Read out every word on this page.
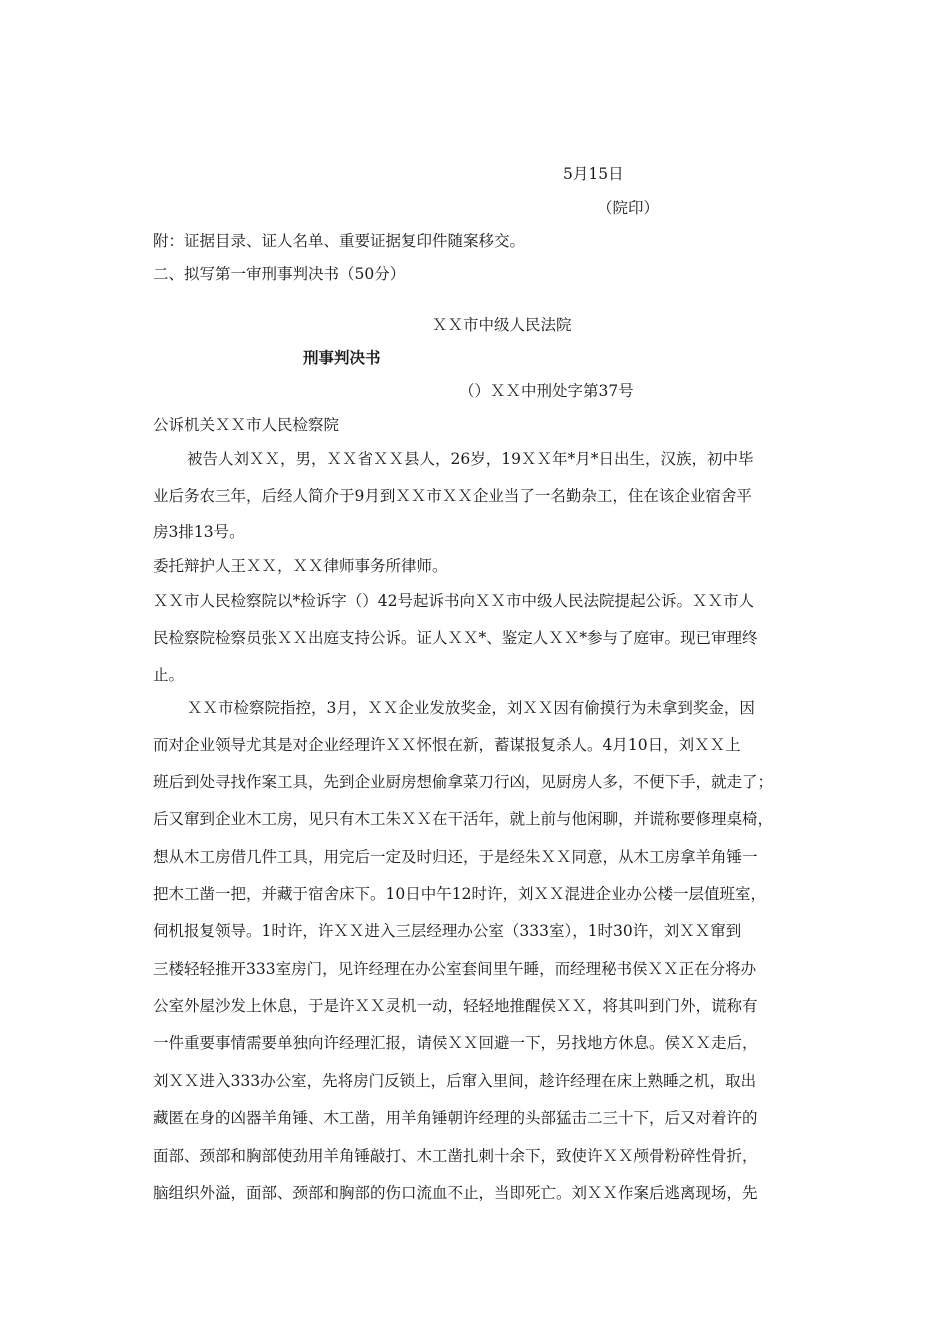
5月15日
（院印）
附：证据目录、证人名单、重要证据复印件随案移交。
二、拟写第一审刑事判决书（50分）
ＸＸ市中级人民法院
刑事判决书
（）ＸＸ中刑处字第37号
公诉机关ＸＸ市人民检察院
被告人刘ＸＸ，男，ＸＸ省ＸＸ县人，26岁，19ＸＸ年*月*日出生，汉族，初中毕
业后务农三年，后经人简介于9月到ＸＸ市ＸＸ企业当了一名勤杂工，住在该企业宿舍平
房3排13号。
委托辩护人王ＸＸ，ＸＸ律师事务所律师。
ＸＸ市人民检察院以*检诉字（）42号起诉书向ＸＸ市中级人民法院提起公诉。ＸＸ市人
民检察院检察员张ＸＸ出庭支持公诉。证人ＸＸ*、鉴定人ＸＸ*参与了庭审。现已审理终
止。
ＸＸ市检察院指控，3月，ＸＸ企业发放奖金，刘ＸＸ因有偷摸行为未拿到奖金，因
而对企业领导尤其是对企业经理许ＸＸ怀恨在新，蓄谋报复杀人。4月10日，刘ＸＸ上
班后到处寻找作案工具，先到企业厨房想偷拿菜刀行凶，见厨房人多，不便下手，就走了；
后又窜到企业木工房，见只有木工朱ＸＸ在干活年，就上前与他闲聊，并谎称要修理桌椅，
想从木工房借几件工具，用完后一定及时归还，于是经朱ＸＸ同意，从木工房拿羊角锤一
把木工凿一把，并藏于宿舍床下。10日中午12时许，刘ＸＸ混进企业办公楼一层值班室，
伺机报复领导。1时许，许ＸＸ进入三层经理办公室（333室），1时30许，刘ＸＸ窜到
三楼轻轻推开333室房门，见许经理在办公室套间里午睡，而经理秘书侯ＸＸ正在分将办
公室外屋沙发上休息，于是许ＸＸ灵机一动，轻轻地推醒侯ＸＸ，将其叫到门外，谎称有
一件重要事情需要单独向许经理汇报，请侯ＸＸ回避一下，另找地方休息。侯ＸＸ走后，
刘ＸＸ进入333办公室，先将房门反锁上，后窜入里间，趁许经理在床上熟睡之机，取出
藏匿在身的凶器羊角锤、木工凿，用羊角锤朝许经理的头部猛击二三十下，后又对着许的
面部、颈部和胸部使劲用羊角锤敲打、木工凿扎刺十余下，致使许ＸＸ颅骨粉碎性骨折，
脑组织外溢，面部、颈部和胸部的伤口流血不止，当即死亡。刘ＸＸ作案后逃离现场，先
